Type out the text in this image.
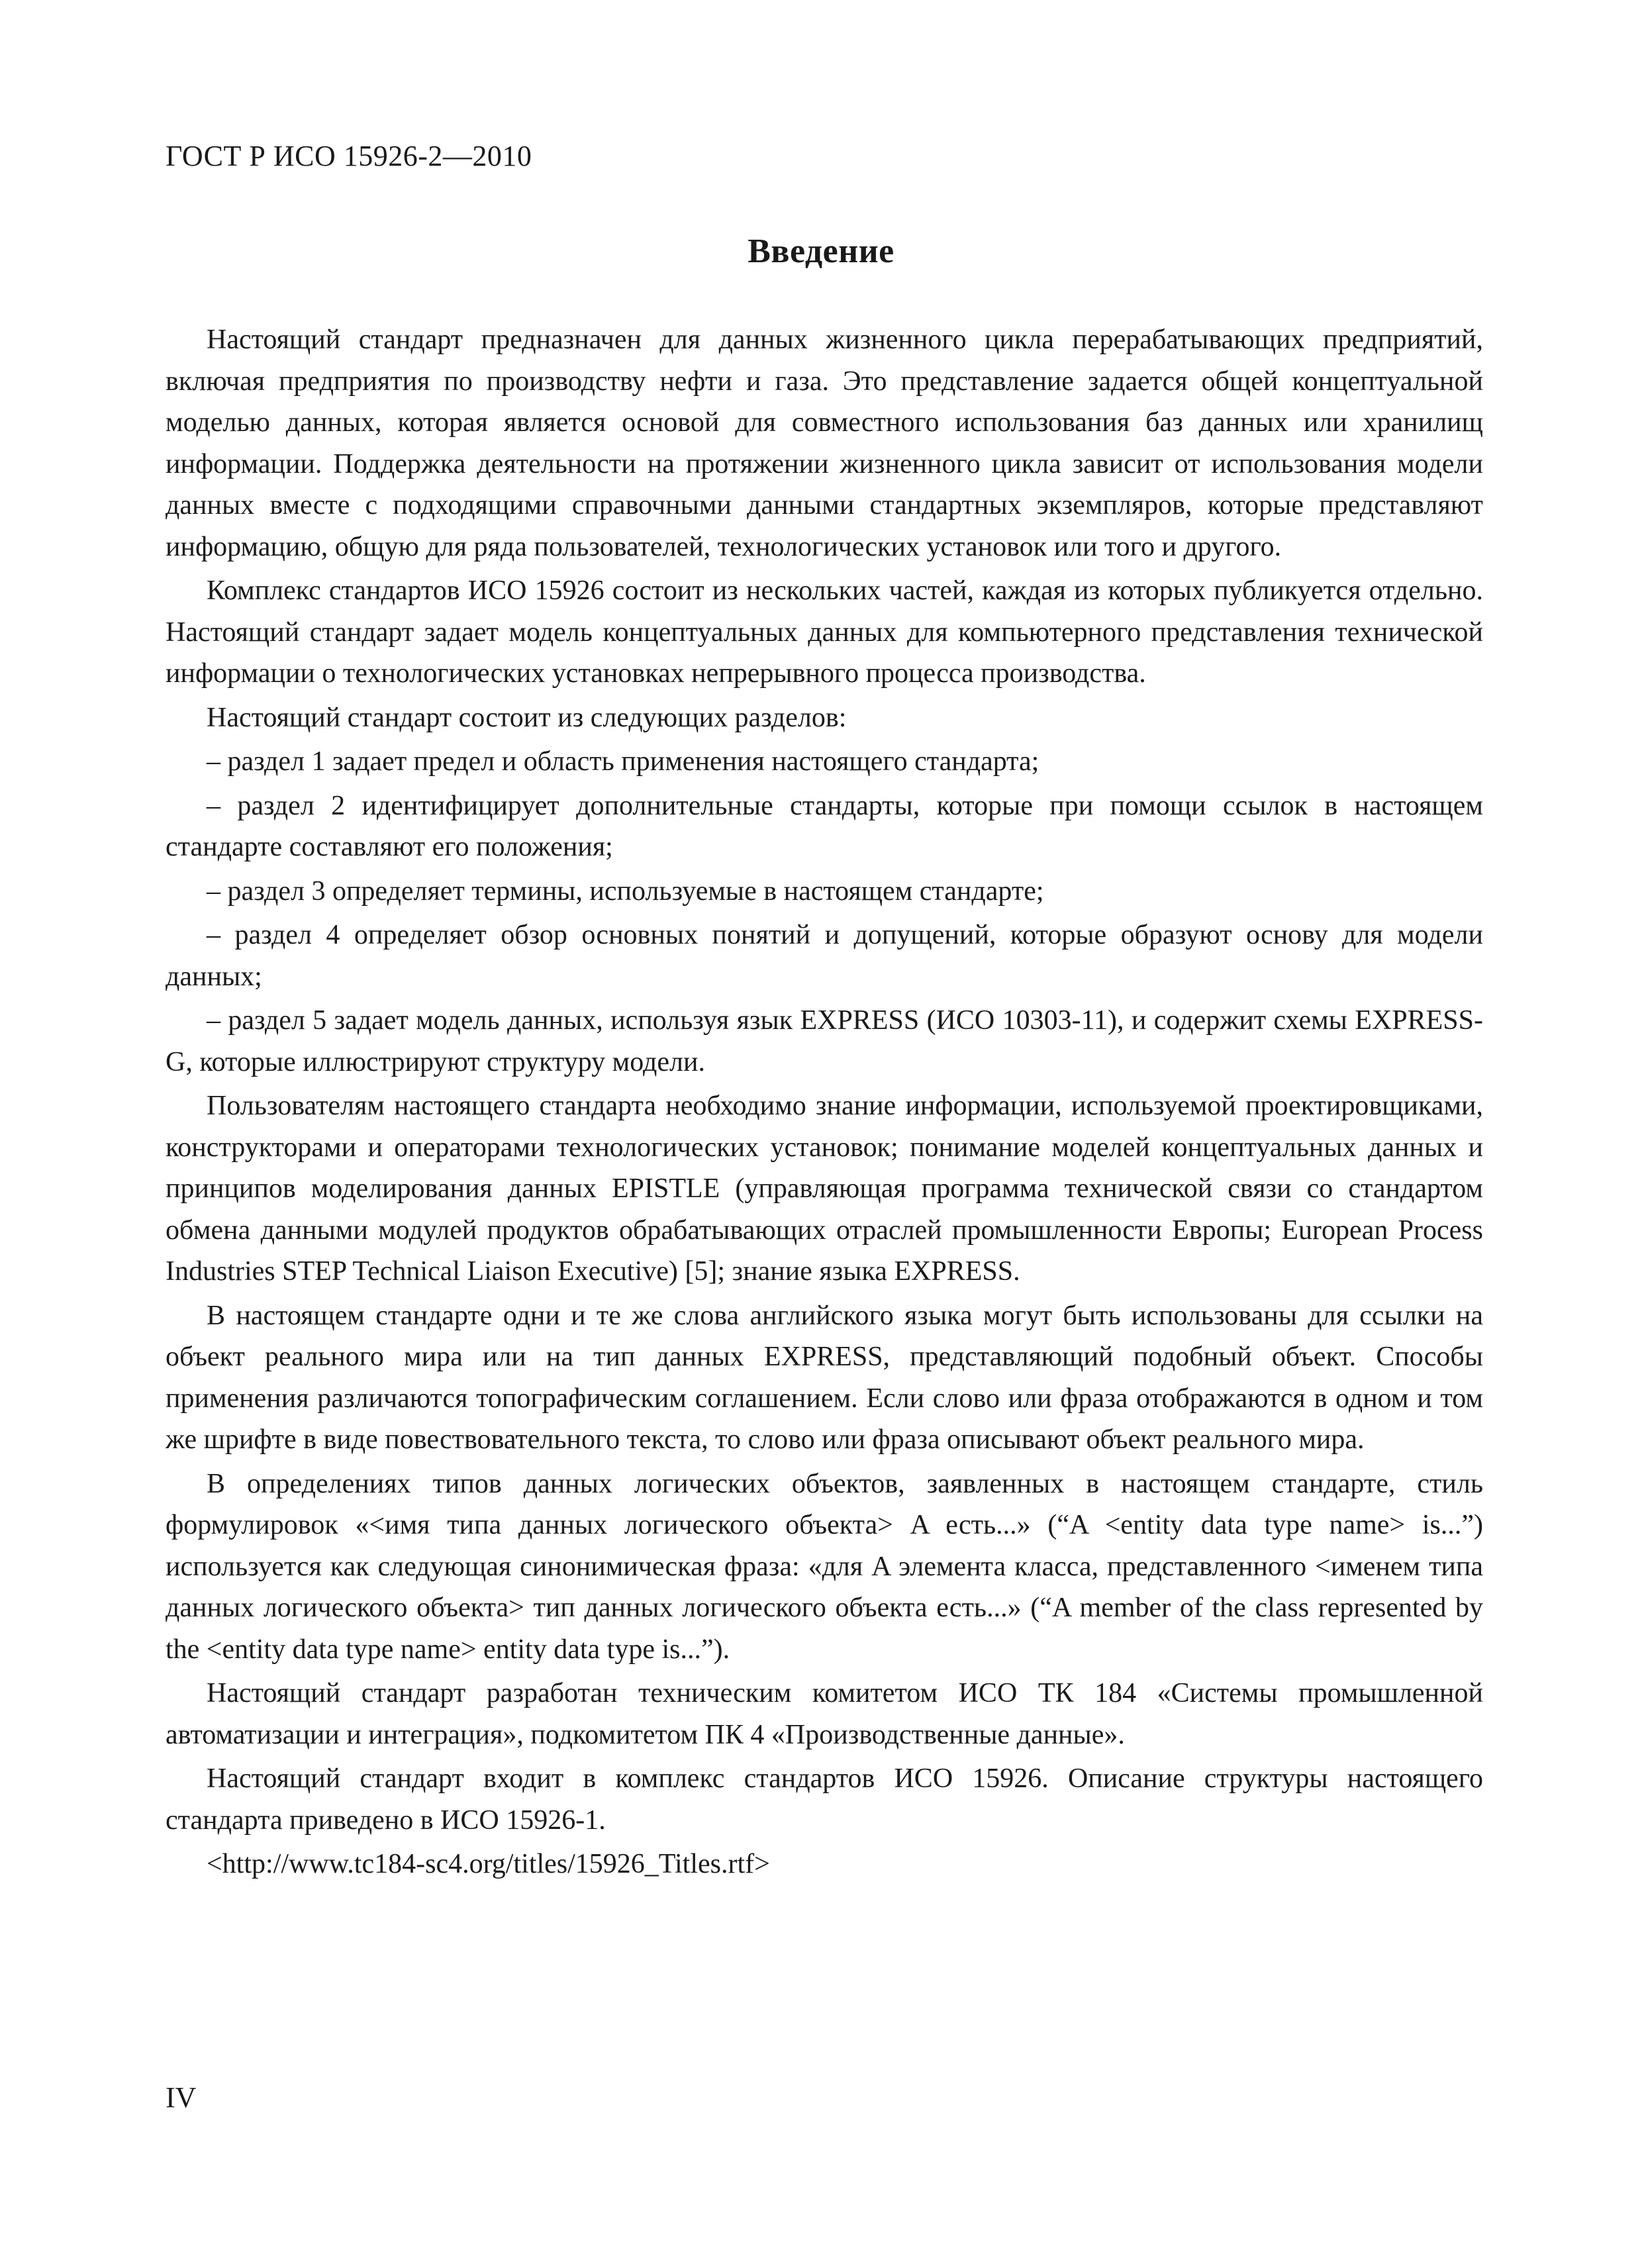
ГОСТ Р ИСО 15926-2—2010
Введение

Настоящий стандарт предназначен для данных жизненного цикла перерабатывающих предприятий, включая предприятия по производству нефти и газа. Это представление задается общей концептуальной моделью данных, которая является основой для совместного использования баз данных или хранилищ информации. Поддержка деятельности на протяжении жизненного цикла зависит от использования модели данных вместе с подходящими справочными данными стандартных экземпляров, которые представляют информацию, общую для ряда пользователей, технологических установок или того и другого.

Комплекс стандартов ИСО 15926 состоит из нескольких частей, каждая из которых публикуется отдельно. Настоящий стандарт задает модель концептуальных данных для компьютерного представления технической информации о технологических установках непрерывного процесса производства.

Настоящий стандарт состоит из следующих разделов:

– раздел 1 задает предел и область применения настоящего стандарта;

– раздел 2 идентифицирует дополнительные стандарты, которые при помощи ссылок в настоящем стандарте составляют его положения;

– раздел 3 определяет термины, используемые в настоящем стандарте;

– раздел 4 определяет обзор основных понятий и допущений, которые образуют основу для модели данных;

– раздел 5 задает модель данных, используя язык EXPRESS (ИСО 10303-11), и содержит схемы EXPRESS-G, которые иллюстрируют структуру модели.

Пользователям настоящего стандарта необходимо знание информации, используемой проектировщиками, конструкторами и операторами технологических установок; понимание моделей концептуальных данных и принципов моделирования данных EPISTLE (управляющая программа технической связи со стандартом обмена данными модулей продуктов обрабатывающих отраслей промышленности Европы; European Process Industries STEP Technical Liaison Executive) [5]; знание языка EXPRESS.

В настоящем стандарте одни и те же слова английского языка могут быть использованы для ссылки на объект реального мира или на тип данных EXPRESS, представляющий подобный объект. Способы применения различаются топографическим соглашением. Если слово или фраза отображаются в одном и том же шрифте в виде повествовательного текста, то слово или фраза описывают объект реального мира.

В определениях типов данных логических объектов, заявленных в настоящем стандарте, стиль формулировок «<имя типа данных логического объекта> A есть...» (“A <entity data type name> is...”) используется как следующая синонимическая фраза: «для A элемента класса, представленного <именем типа данных логического объекта> тип данных логического объекта есть...» (“A member of the class represented by the <entity data type name> entity data type is...”).

Настоящий стандарт разработан техническим комитетом ИСО ТК 184 «Системы промышленной автоматизации и интеграция», подкомитетом ПК 4 «Производственные данные».

Настоящий стандарт входит в комплекс стандартов ИСО 15926. Описание структуры настоящего стандарта приведено в ИСО 15926-1.

<http://www.tc184-sc4.org/titles/15926_Titles.rtf>

IV
